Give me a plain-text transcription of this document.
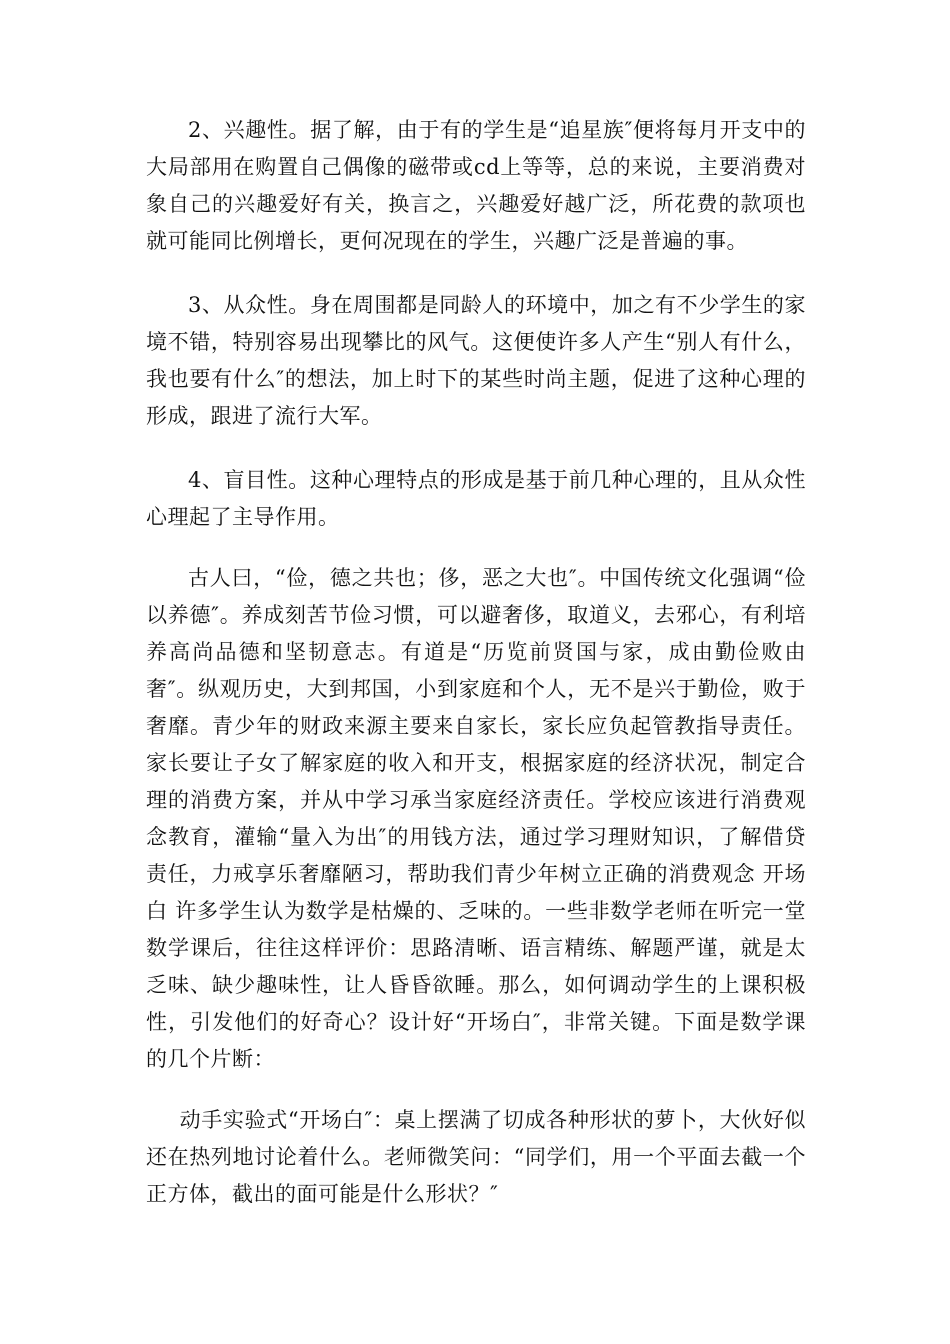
2、兴趣性。据了解，由于有的学生是“追星族″便将每月开支中的大局部用在购置自己偶像的磁带或cd上等等，总的来说，主要消费对象自己的兴趣爱好有关，换言之，兴趣爱好越广泛，所花费的款项也就可能同比例增长，更何况现在的学生，兴趣广泛是普遍的事。

3、从众性。身在周围都是同龄人的环境中，加之有不少学生的家境不错，特别容易出现攀比的风气。这便使许多人产生“别人有什么，我也要有什么″的想法，加上时下的某些时尚主题，促进了这种心理的形成，跟进了流行大军。

4、盲目性。这种心理特点的形成是基于前几种心理的，且从众性心理起了主导作用。

古人曰，“俭，德之共也；侈，恶之大也″。中国传统文化强调“俭以养德″。养成刻苦节俭习惯，可以避奢侈，取道义，去邪心，有利培养高尚品德和坚韧意志。有道是“历览前贤国与家，成由勤俭败由奢″。纵观历史，大到邦国，小到家庭和个人，无不是兴于勤俭，败于奢靡。青少年的财政来源主要来自家长，家长应负起管教指导责任。家长要让子女了解家庭的收入和开支，根据家庭的经济状况，制定合理的消费方案，并从中学习承当家庭经济责任。学校应该进行消费观念教育，灌输“量入为出″的用钱方法，通过学习理财知识，了解借贷责任，力戒享乐奢靡陋习，帮助我们青少年树立正确的消费观念 开场白 许多学生认为数学是枯燥的、乏味的。一些非数学老师在听完一堂数学课后，往往这样评价：思路清晰、语言精练、解题严谨，就是太乏味、缺少趣味性，让人昏昏欲睡。那么，如何调动学生的上课积极性，引发他们的好奇心？设计好“开场白″，非常关键。下面是数学课的几个片断：

动手实验式“开场白″：桌上摆满了切成各种形状的萝卜，大伙好似还在热列地讨论着什么。老师微笑问：“同学们，用一个平面去截一个正方体，截出的面可能是什么形状？″
